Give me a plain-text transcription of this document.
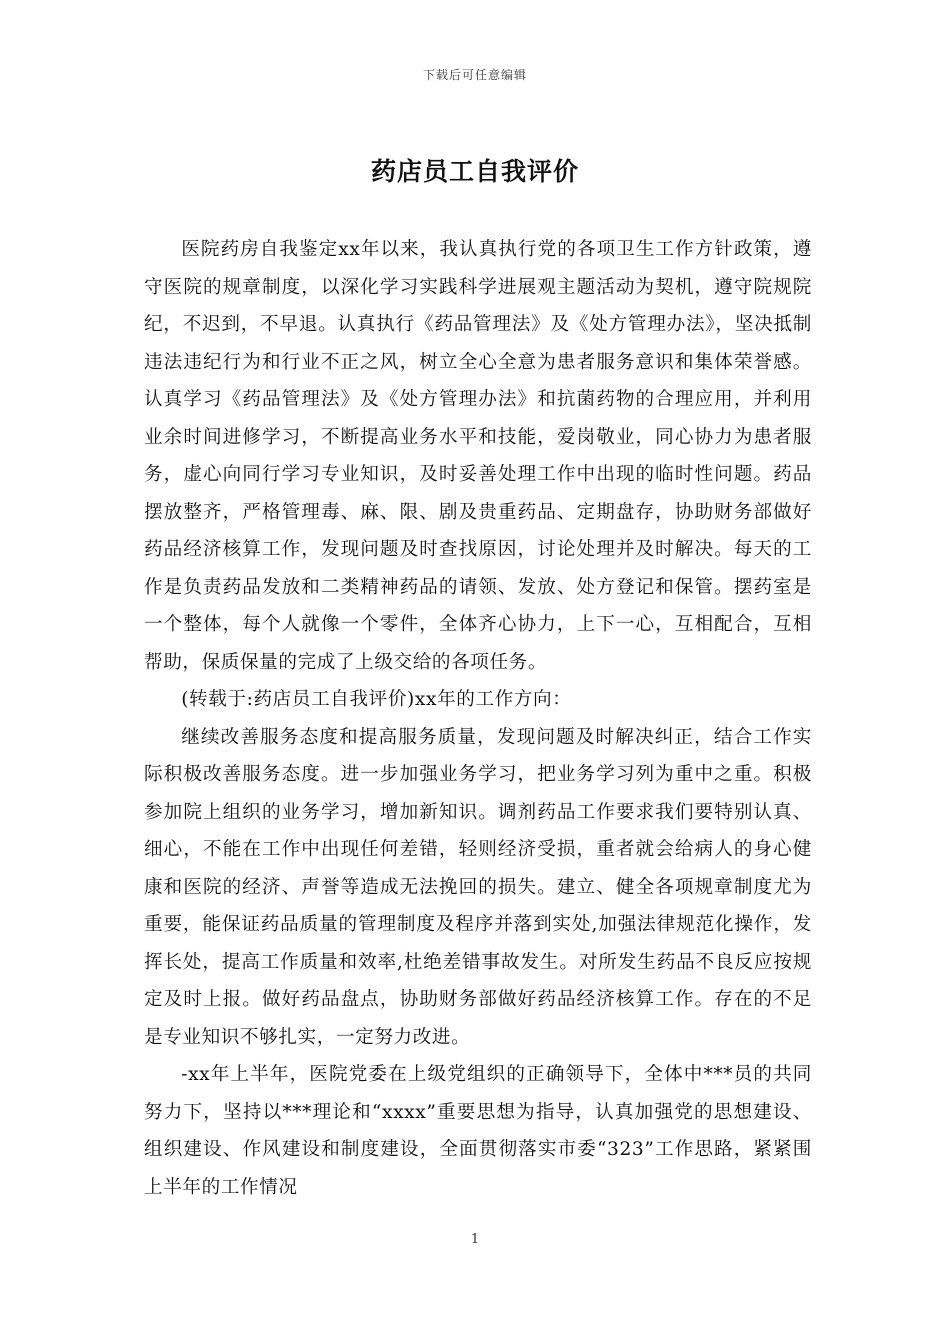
下载后可任意编辑
药店员工自我评价

医院药房自我鉴定xx年以来，我认真执行党的各项卫生工作方针政策，遵守医院的规章制度，以深化学习实践科学进展观主题活动为契机，遵守院规院纪，不迟到，不早退。认真执行《药品管理法》及《处方管理办法》，坚决抵制违法违纪行为和行业不正之风，树立全心全意为患者服务意识和集体荣誉感。认真学习《药品管理法》及《处方管理办法》和抗菌药物的合理应用，并利用业余时间进修学习，不断提高业务水平和技能，爱岗敬业，同心协力为患者服务，虚心向同行学习专业知识，及时妥善处理工作中出现的临时性问题。药品摆放整齐，严格管理毒、麻、限、剧及贵重药品、定期盘存，协助财务部做好药品经济核算工作，发现问题及时查找原因，讨论处理并及时解决。每天的工作是负责药品发放和二类精神药品的请领、发放、处方登记和保管。摆药室是一个整体，每个人就像一个零件，全体齐心协力，上下一心，互相配合，互相帮助，保质保量的完成了上级交给的各项任务。

(转载于:药店员工自我评价)xx年的工作方向：

继续改善服务态度和提高服务质量，发现问题及时解决纠正，结合工作实际积极改善服务态度。进一步加强业务学习，把业务学习列为重中之重。积极参加院上组织的业务学习，增加新知识。调剂药品工作要求我们要特别认真、细心，不能在工作中出现任何差错，轻则经济受损，重者就会给病人的身心健康和医院的经济、声誉等造成无法挽回的损失。建立、健全各项规章制度尤为重要，能保证药品质量的管理制度及程序并落到实处,加强法律规范化操作，发挥长处，提高工作质量和效率,杜绝差错事故发生。对所发生药品不良反应按规定及时上报。做好药品盘点，协助财务部做好药品经济核算工作。存在的不足是专业知识不够扎实，一定努力改进。

-xx年上半年，医院党委在上级党组织的正确领导下，全体中***员的共同努力下，坚持以***理论和“xxxx”重要思想为指导，认真加强党的思想建设、组织建设、作风建设和制度建设，全面贯彻落实市委“323”工作思路，紧紧围上半年的工作情况

1
